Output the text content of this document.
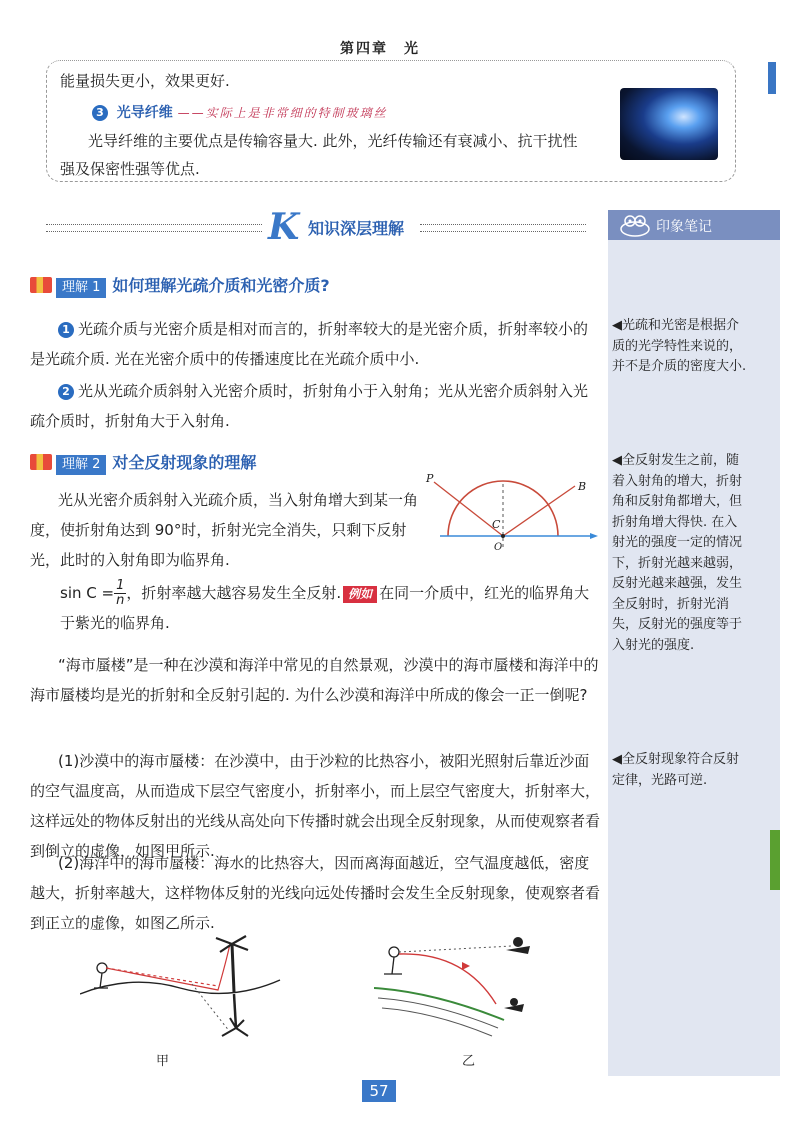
第四章　光
能量损失更小，效果更好.
3 光导纤维 ——实际上是非常细的特制玻璃丝
光导纤维的主要优点是传输容量大. 此外，光纤传输还有衰减小、抗干扰性
强及保密性强等优点.
K 知识深层理解	印象笔记
◀光疏和光密是根据介质的光学特性来说的，并不是介质的密度大小.
◀全反射发生之前，随着入射角的增大，折射角和反射角都增大，但折射角增大得快. 在入射光的强度一定的情况下，折射光越来越弱，反射光越来越强，发生全反射时，折射光消失，反射光的强度等于入射光的强度.
◀全反射现象符合反射定律，光路可逆.
理解 1 如何理解光疏介质和光密介质?
1 光疏介质与光密介质是相对而言的，折射率较大的是光密介质，折射率较小的是光疏介质. 光在光密介质中的传播速度比在光疏介质中小.
2 光从光疏介质斜射入光密介质时，折射角小于入射角；光从光密介质斜射入光疏介质时，折射角大于入射角.
理解 2 对全反射现象的理解
光从光密介质斜射入光疏介质，当入射角增大到某一角度，使折射角达到 90°时，折射光完全消失，只剩下反射光，此时的入射角即为临界角.
P
B
C
O
$\sin C = \frac{1}{n}$，折射率越大越容易发生全反射. 例如 在同一介质中，红光的临界角大于紫光的临界角.
“海市蜃楼”是一种在沙漠和海洋中常见的自然景观，沙漠中的海市蜃楼和海洋中的海市蜃楼均是光的折射和全反射引起的. 为什么沙漠和海洋中所成的像会一正一倒呢?
(1)沙漠中的海市蜃楼：在沙漠中，由于沙粒的比热容小，被阳光照射后靠近沙面的空气温度高，从而造成下层空气密度小，折射率小，而上层空气密度大，折射率大，这样远处的物体反射出的光线从高处向下传播时就会出现全反射现象，从而使观察者看到倒立的虚像，如图甲所示.
(2)海洋中的海市蜃楼：海水的比热容大，因而离海面越近，空气温度越低，密度越大，折射率越大，这样物体反射的光线向远处传播时会发生全反射现象，使观察者看到正立的虚像，如图乙所示.
甲	乙
57
